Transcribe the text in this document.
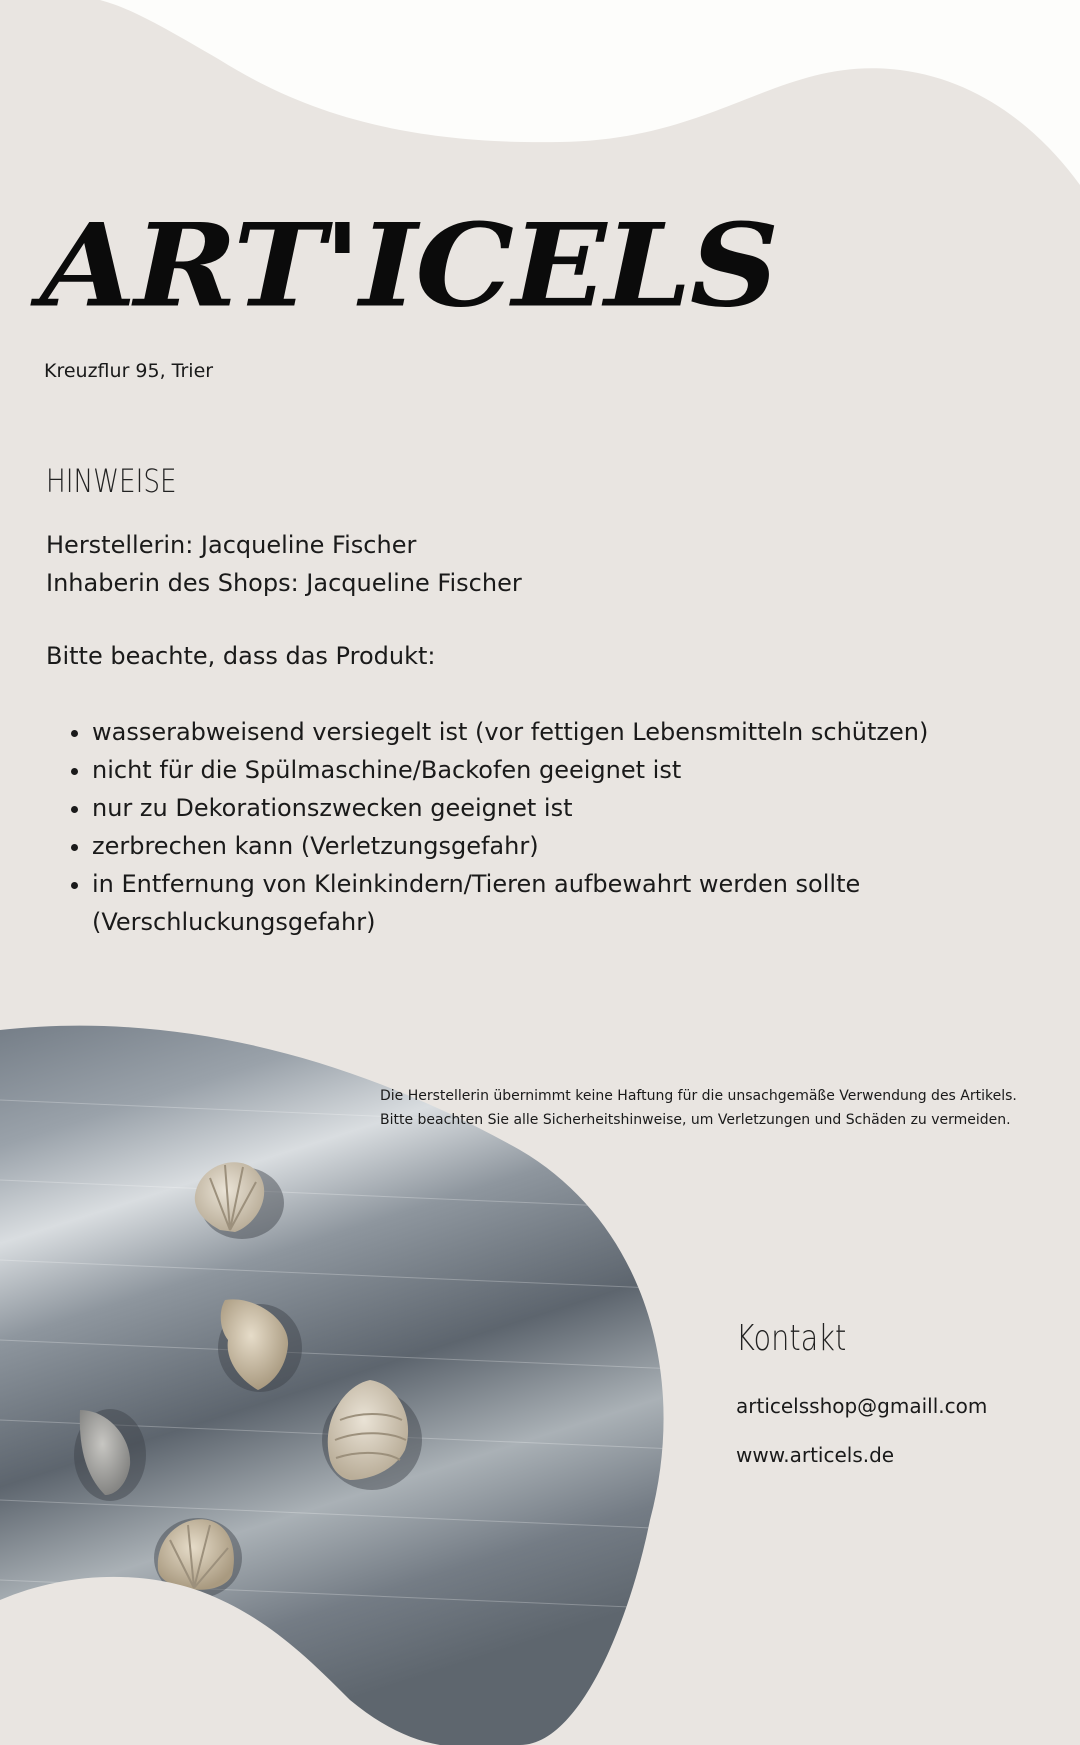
ART'ICELS
Kreuzflur 95, Trier
HINWEISE

Herstellerin: Jacqueline Fischer

Inhaberin des Shops: Jacqueline Fischer

Bitte beachte, dass das Produkt:

• wasserabweisend versiegelt ist (vor fettigen Lebensmitteln schützen)
• nicht für die Spülmaschine/Backofen geeignet ist
• nur zu Dekorationszwecken geeignet ist
• zerbrechen kann (Verletzungsgefahr)
• in Entfernung von Kleinkindern/Tieren aufbewahrt werden sollte (Verschluckungsgefahr)

Die Herstellerin übernimmt keine Haftung für die unsachgemäße Verwendung des Artikels.

Bitte beachten Sie alle Sicherheitshinweise, um Verletzungen und Schäden zu vermeiden.

Kontakt
articelsshop@gmaill.com
www.articels.de
